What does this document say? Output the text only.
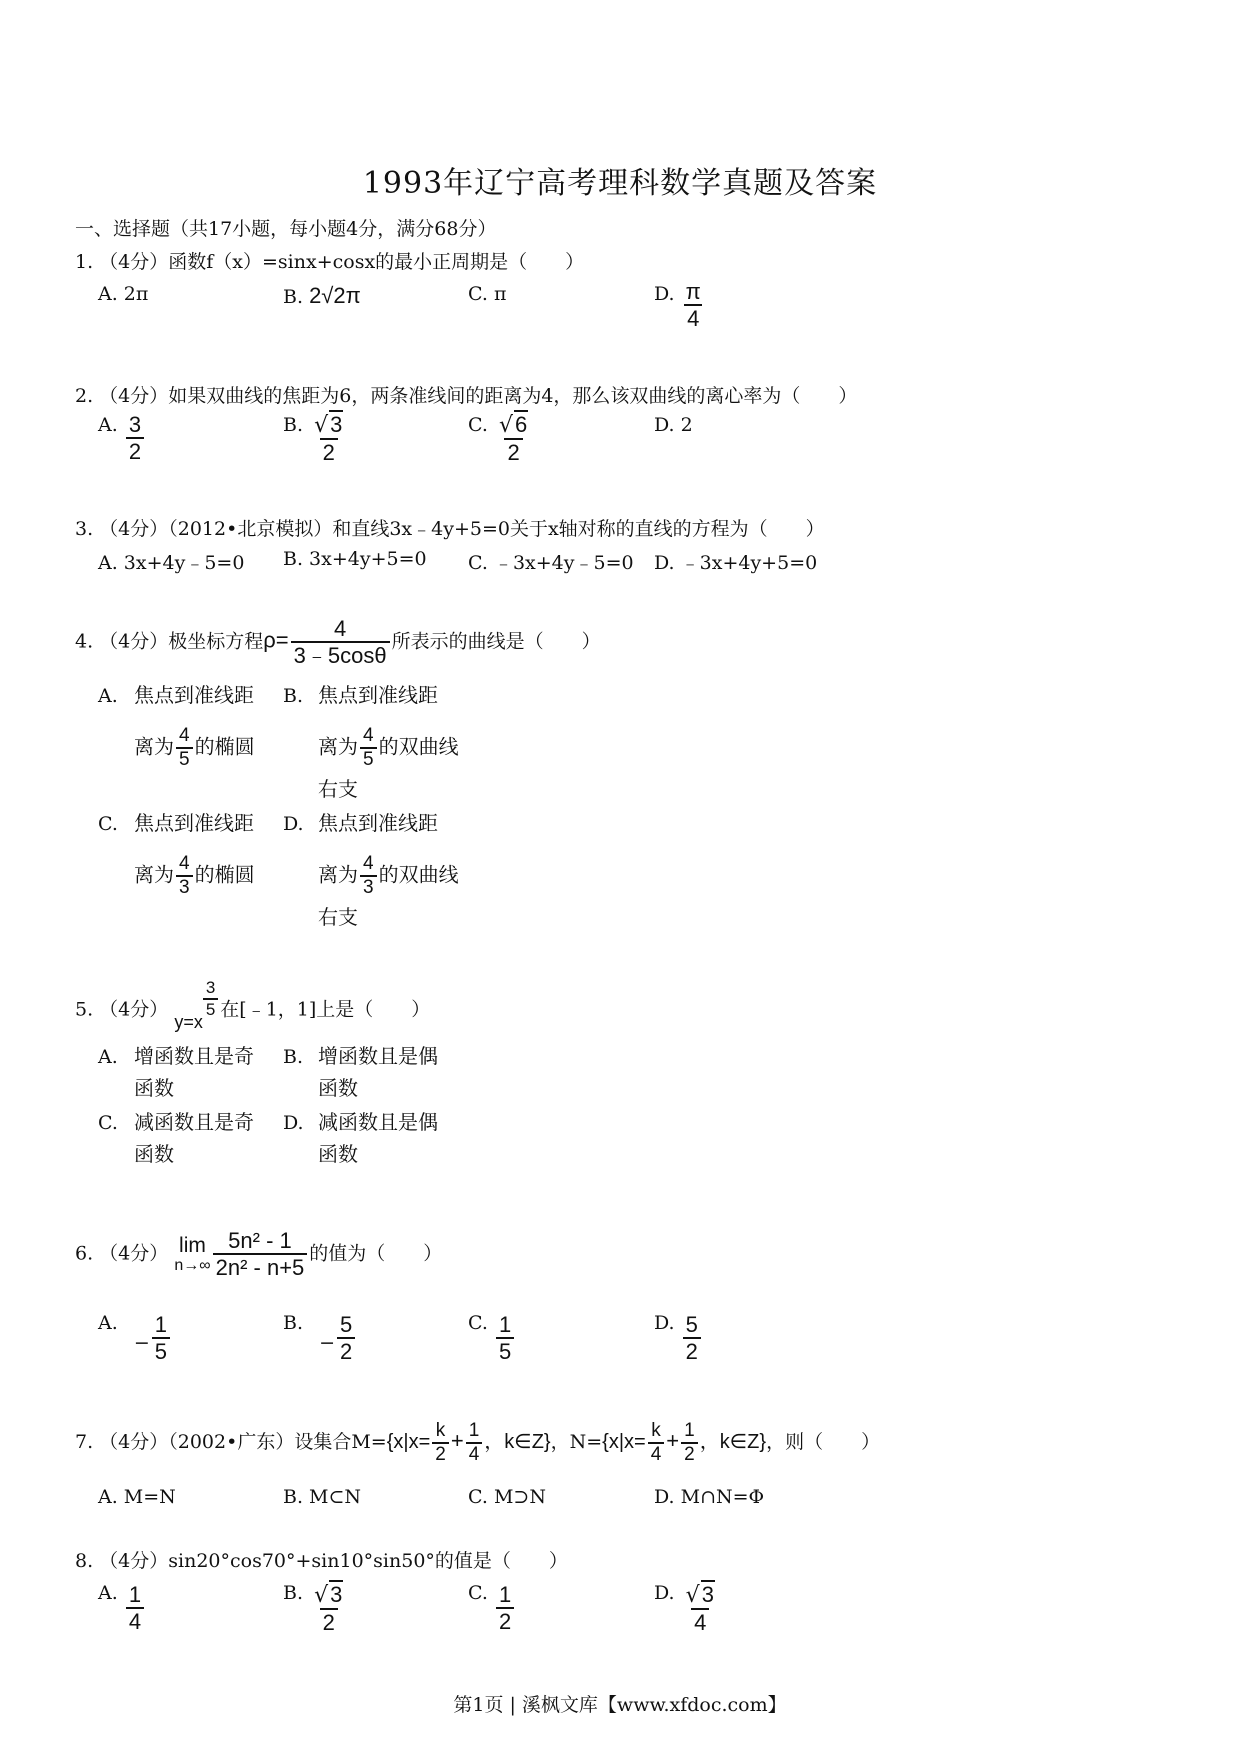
1993年辽宁高考理科数学真题及答案
一、选择题（共17小题，每小题4分，满分68分）
1. （4分）函数f（x）=sinx+cosx的最小正周期是（　　）
A. 2π	B. 2√2π	C. π	D. $\frac{\pi}{4}$
2. （4分）如果双曲线的焦距为6，两条准线间的距离为4，那么该双曲线的离心率为（　　）
A. $\frac{3}{2}$	B. $\frac{√3}{2}$	C. $\frac{√6}{2}$	D. 2
3. （4分）（2012•北京模拟）和直线3x﹣4y+5=0关于x轴对称的直线的方程为（　　）
A. 3x+4y﹣5=0 B. 3x+4y+5=0 C. ﹣3x+4y﹣5=0 D. ﹣3x+4y+5=0
4. （4分）极坐标方程$\rho= \frac{4}{3﹣5\cos\theta}$ 所表示的曲线是（　　）
A. 焦点到准线距
离为 $\frac{4}{5}$ 的椭圆
B. 焦点到准线距
离为 $\frac{4}{5}$ 的双曲线
右支
C. 焦点到准线距
离为 $\frac{4}{3}$ 的椭圆
D. 焦点到准线距
离为 $\frac{4}{3}$ 的双曲线
右支
5. （4分） y=x
$\frac{3}{5}$ 在[﹣1，1]上是（　　）
A. 增函数且是奇
函数
B. 增函数且是偶
函数
C. 减函数且是奇
函数
D. 减函数且是偶
函数
6. （4分） lim
$n\to\infty \frac{\text{5n² - 1}}{\text{2n² - n+5}}$ 的值为（　　）
A. − $\frac{1}{5}$	B. − $\frac{5}{2}$	C. $\frac{1}{5}$	D. $\frac{5}{2}$
7. （4分）（2002•广东）设集合$M=\{x|x= \frac{k}{2} + \frac{1}{4}$ ，k∈Z}，$N=\{x|x= \frac{k}{4} + \frac{1}{2}$ ，k∈Z}，则（　　）
A. M=N	B. M⊂N	C. M⊃N	D. M∩N=Φ
8. （4分）sin20°cos70°+sin10°sin50°的值是（　　）
A. $\frac{1}{4}$	B. $\frac{√3}{2}$	C. $\frac{1}{2}$	D. $\frac{√3}{4}$
第1页 | 溪枫文库【www.xfdoc.com】
